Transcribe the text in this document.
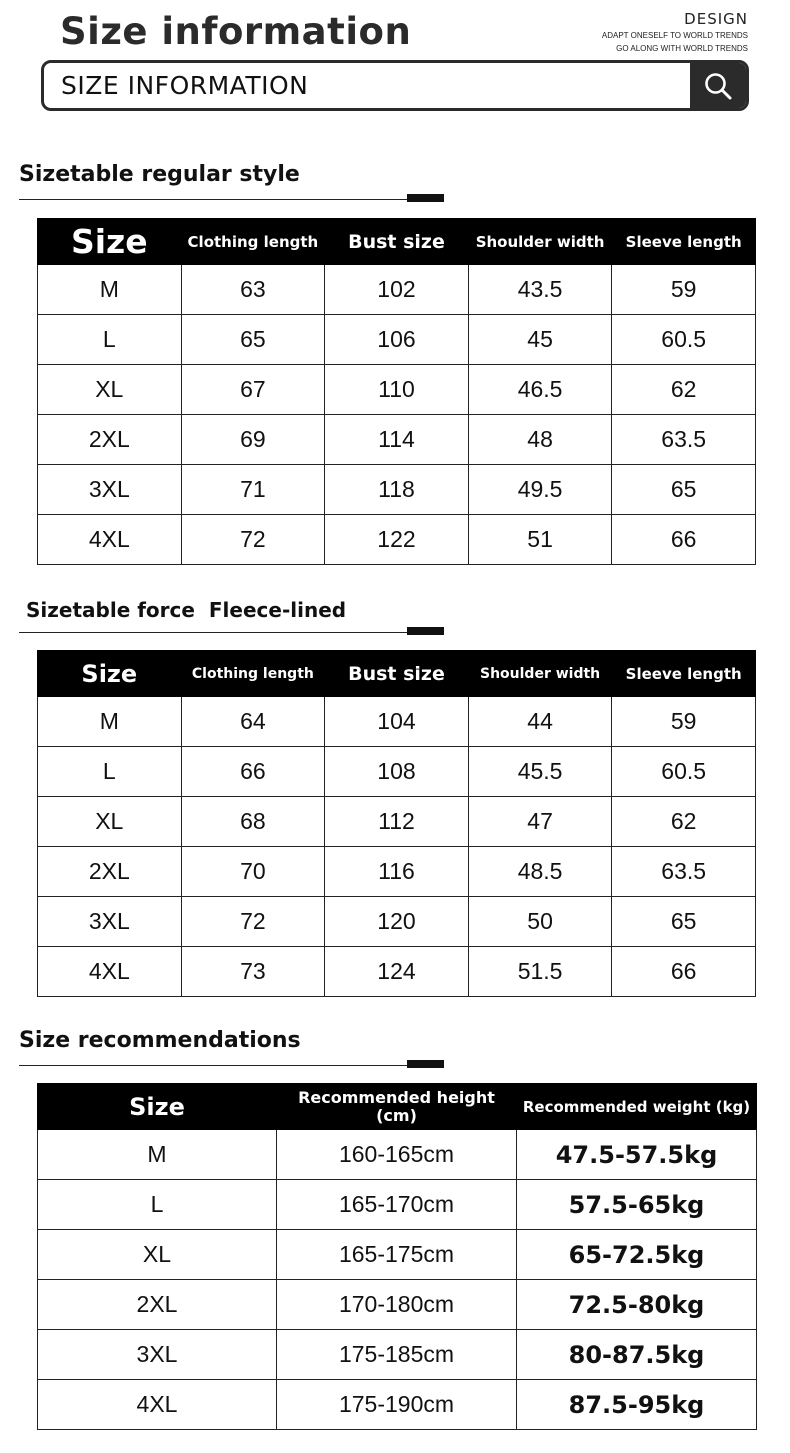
Size information	DESIGN
ADAPT ONESELF TO WORLD TRENDS
GO ALONG WITH WORLD TRENDS
SIZE INFORMATION
Sizetable regular style
Size	Clothing length	Bust size	Shoulder width	Sleeve length
M	63	102	43.5	59
L	65	106	45	60.5
XL	67	110	46.5	62
2XL	69	114	48	63.5
3XL	71	118	49.5	65
4XL	72	122	51	66
Sizetable force  Fleece-lined
Size	Clothing length	Bust size	Shoulder width	Sleeve length
M	64	104	44	59
L	66	108	45.5	60.5
XL	68	112	47	62
2XL	70	116	48.5	63.5
3XL	72	120	50	65
4XL	73	124	51.5	66
Size recommendations
Size	Recommended height (cm)	Recommended weight (kg)
M	160-165cm	47.5-57.5kg
L	165-170cm	57.5-65kg
XL	165-175cm	65-72.5kg
2XL	170-180cm	72.5-80kg
3XL	175-185cm	80-87.5kg
4XL	175-190cm	87.5-95kg
